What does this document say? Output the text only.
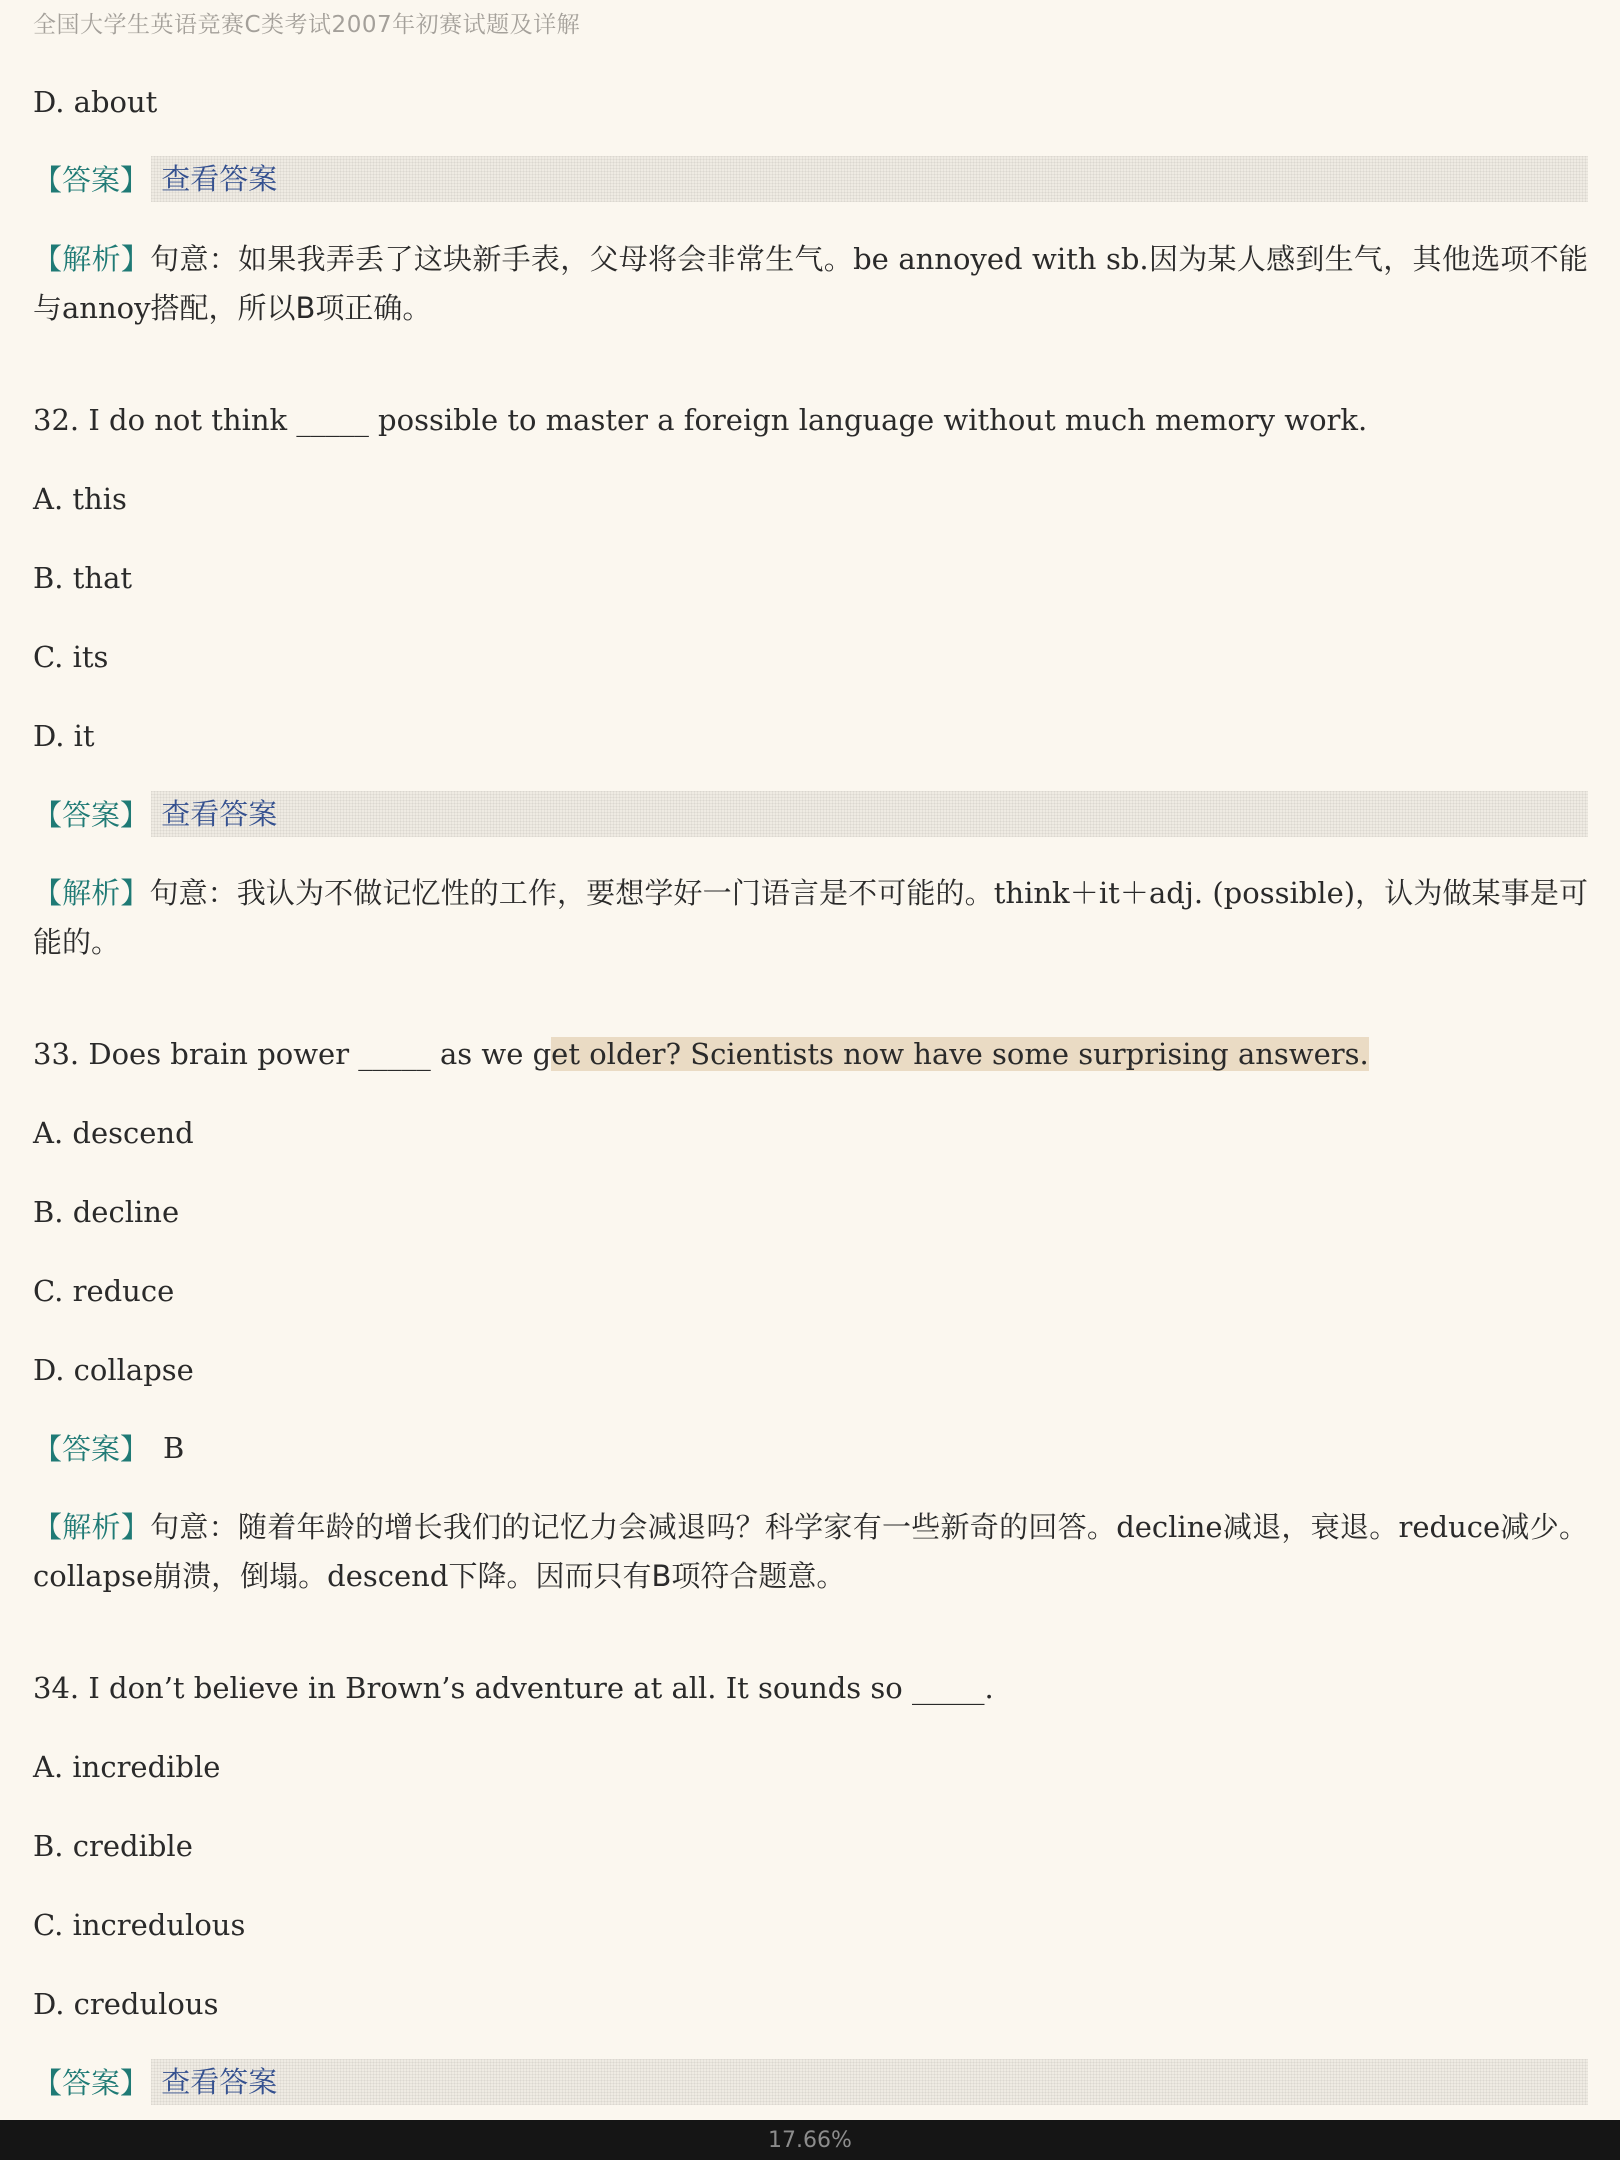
全国大学生英语竞赛C类考试2007年初赛试题及详解
D. about
【答案】 查看答案
【解析】句意：如果我弄丢了这块新手表，父母将会非常生气。be annoyed with sb.因为某人感到生气，其他选项不能与annoy搭配，所以B项正确。
32. I do not think _____ possible to master a foreign language without much memory work.
A. this
B. that
C. its
D. it
【答案】 查看答案
【解析】句意：我认为不做记忆性的工作，要想学好一门语言是不可能的。think＋it＋adj. (possible)，认为做某事是可能的。
33. Does brain power _____ as we get older? Scientists now have some surprising answers.
A. descend
B. decline
C. reduce
D. collapse
【答案】 B
【解析】句意：随着年龄的增长我们的记忆力会减退吗？科学家有一些新奇的回答。decline减退，衰退。reduce减少。collapse崩溃，倒塌。descend下降。因而只有B项符合题意。
34. I don’t believe in Brown’s adventure at all. It sounds so _____.
A. incredible
B. credible
C. incredulous
D. credulous
【答案】 查看答案
17.66%
